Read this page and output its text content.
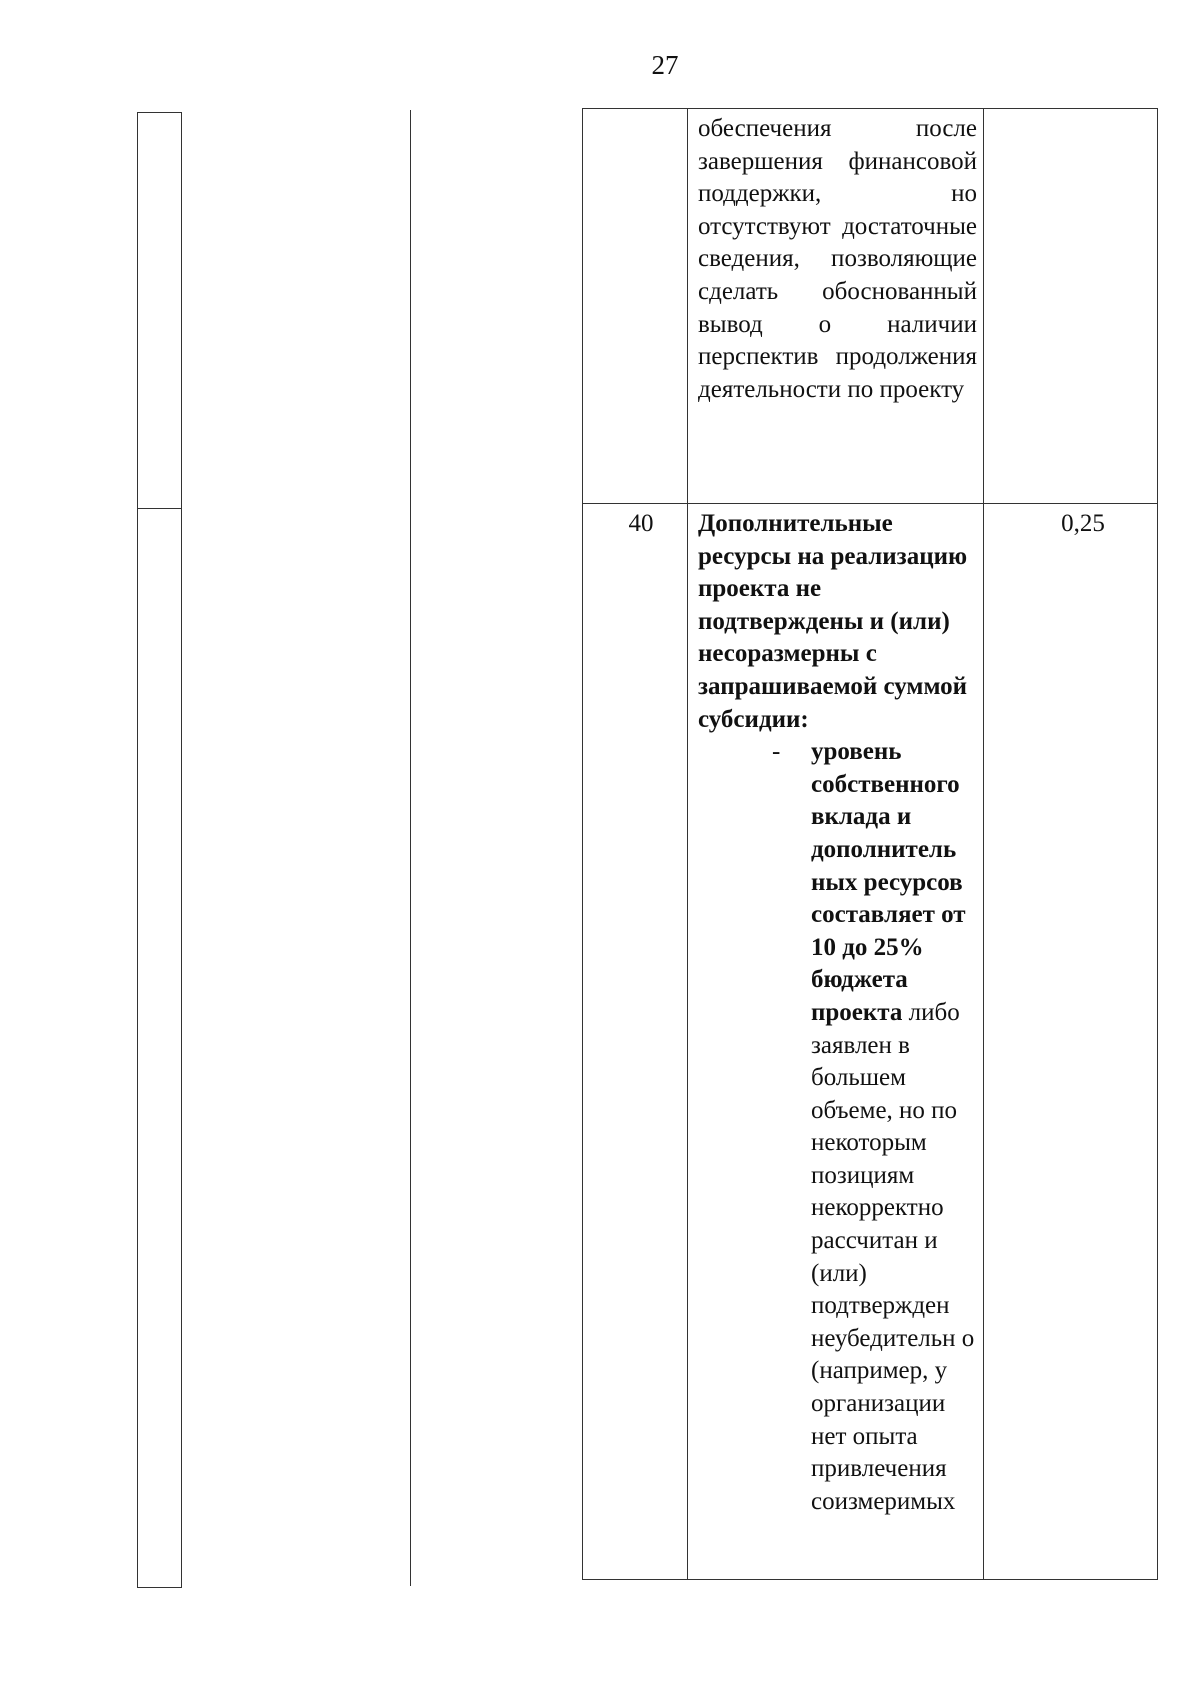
27
обеспечения после завершения финансовой поддержки, но отсутствуют достаточные сведения, позволяющие сделать обоснованный вывод о наличии перспектив продолжения деятельности по проекту
40	Дополнительные ресурсы на реализацию проекта не подтверждены и (или) несоразмерны с запрашиваемой суммой субсидии:
- уровень собственного вклада и дополнитель ных ресурсов составляет от 10 до 25% бюджета проекта либо заявлен в большем объеме, но по некоторым позициям некорректно рассчитан и (или) подтвержден неубедительн о (например, у организации нет опыта привлечения соизмеримых
0,25
